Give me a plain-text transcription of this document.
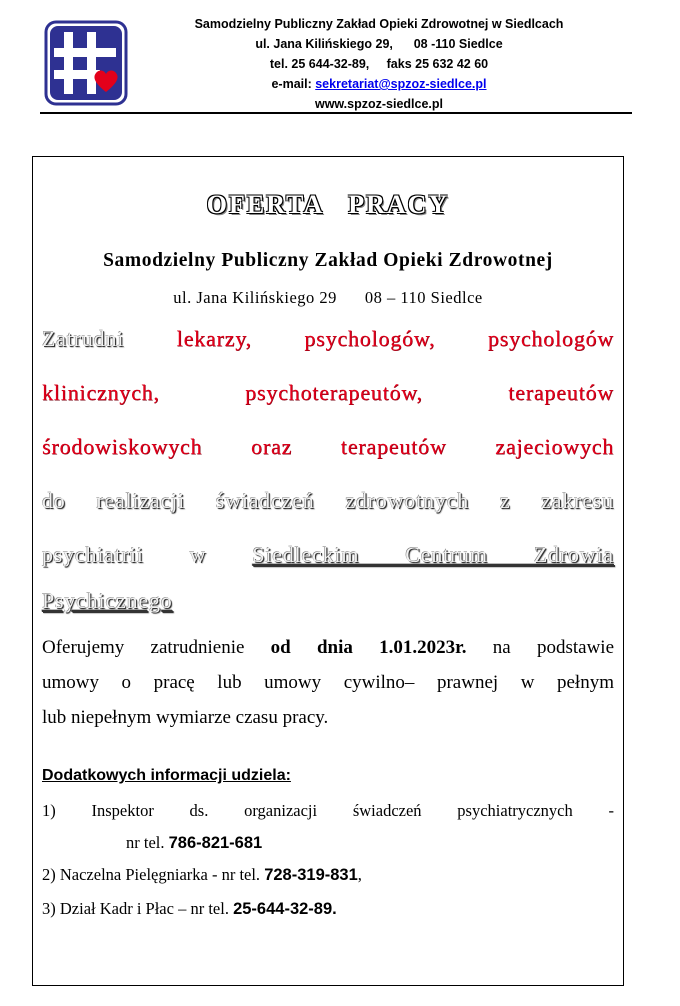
Samodzielny Publiczny Zakład Opieki Zdrowotnej w Siedlcach
ul. Jana Kilińskiego 29,      08 -110 Siedlce
tel. 25 644-32-89,     faks 25 632 42 60
e-mail: sekretariat@spzoz-siedlce.pl
www.spzoz-siedlce.pl
OFERTA PRACY
Samodzielny Publiczny Zakład Opieki Zdrowotnej
ul. Jana Kilińskiego 29 08 – 110 Siedlce
Zatrudni lekarzy, psychologów, psychologów
klinicznych, psychoterapeutów, terapeutów
środowiskowych oraz terapeutów zajeciowych
do realizacji świadczeń zdrowotnych z zakresu
psychiatrii w Siedleckim Centrum Zdrowia
Psychicznego
Oferujemy zatrudnienie od dnia 1.01.2023r. na podstawie
umowy o pracę lub umowy cywilno– prawnej w pełnym
lub niepełnym wymiarze czasu pracy.
Dodatkowych informacji udziela:
1)  Inspektor  ds.  organizacji  świadczeń  psychiatrycznych  -
nr tel. 786-821-681
2) Naczelna Pielęgniarka - nr tel. 728-319-831,
3) Dział Kadr i Płac – nr tel. 25-644-32-89.
